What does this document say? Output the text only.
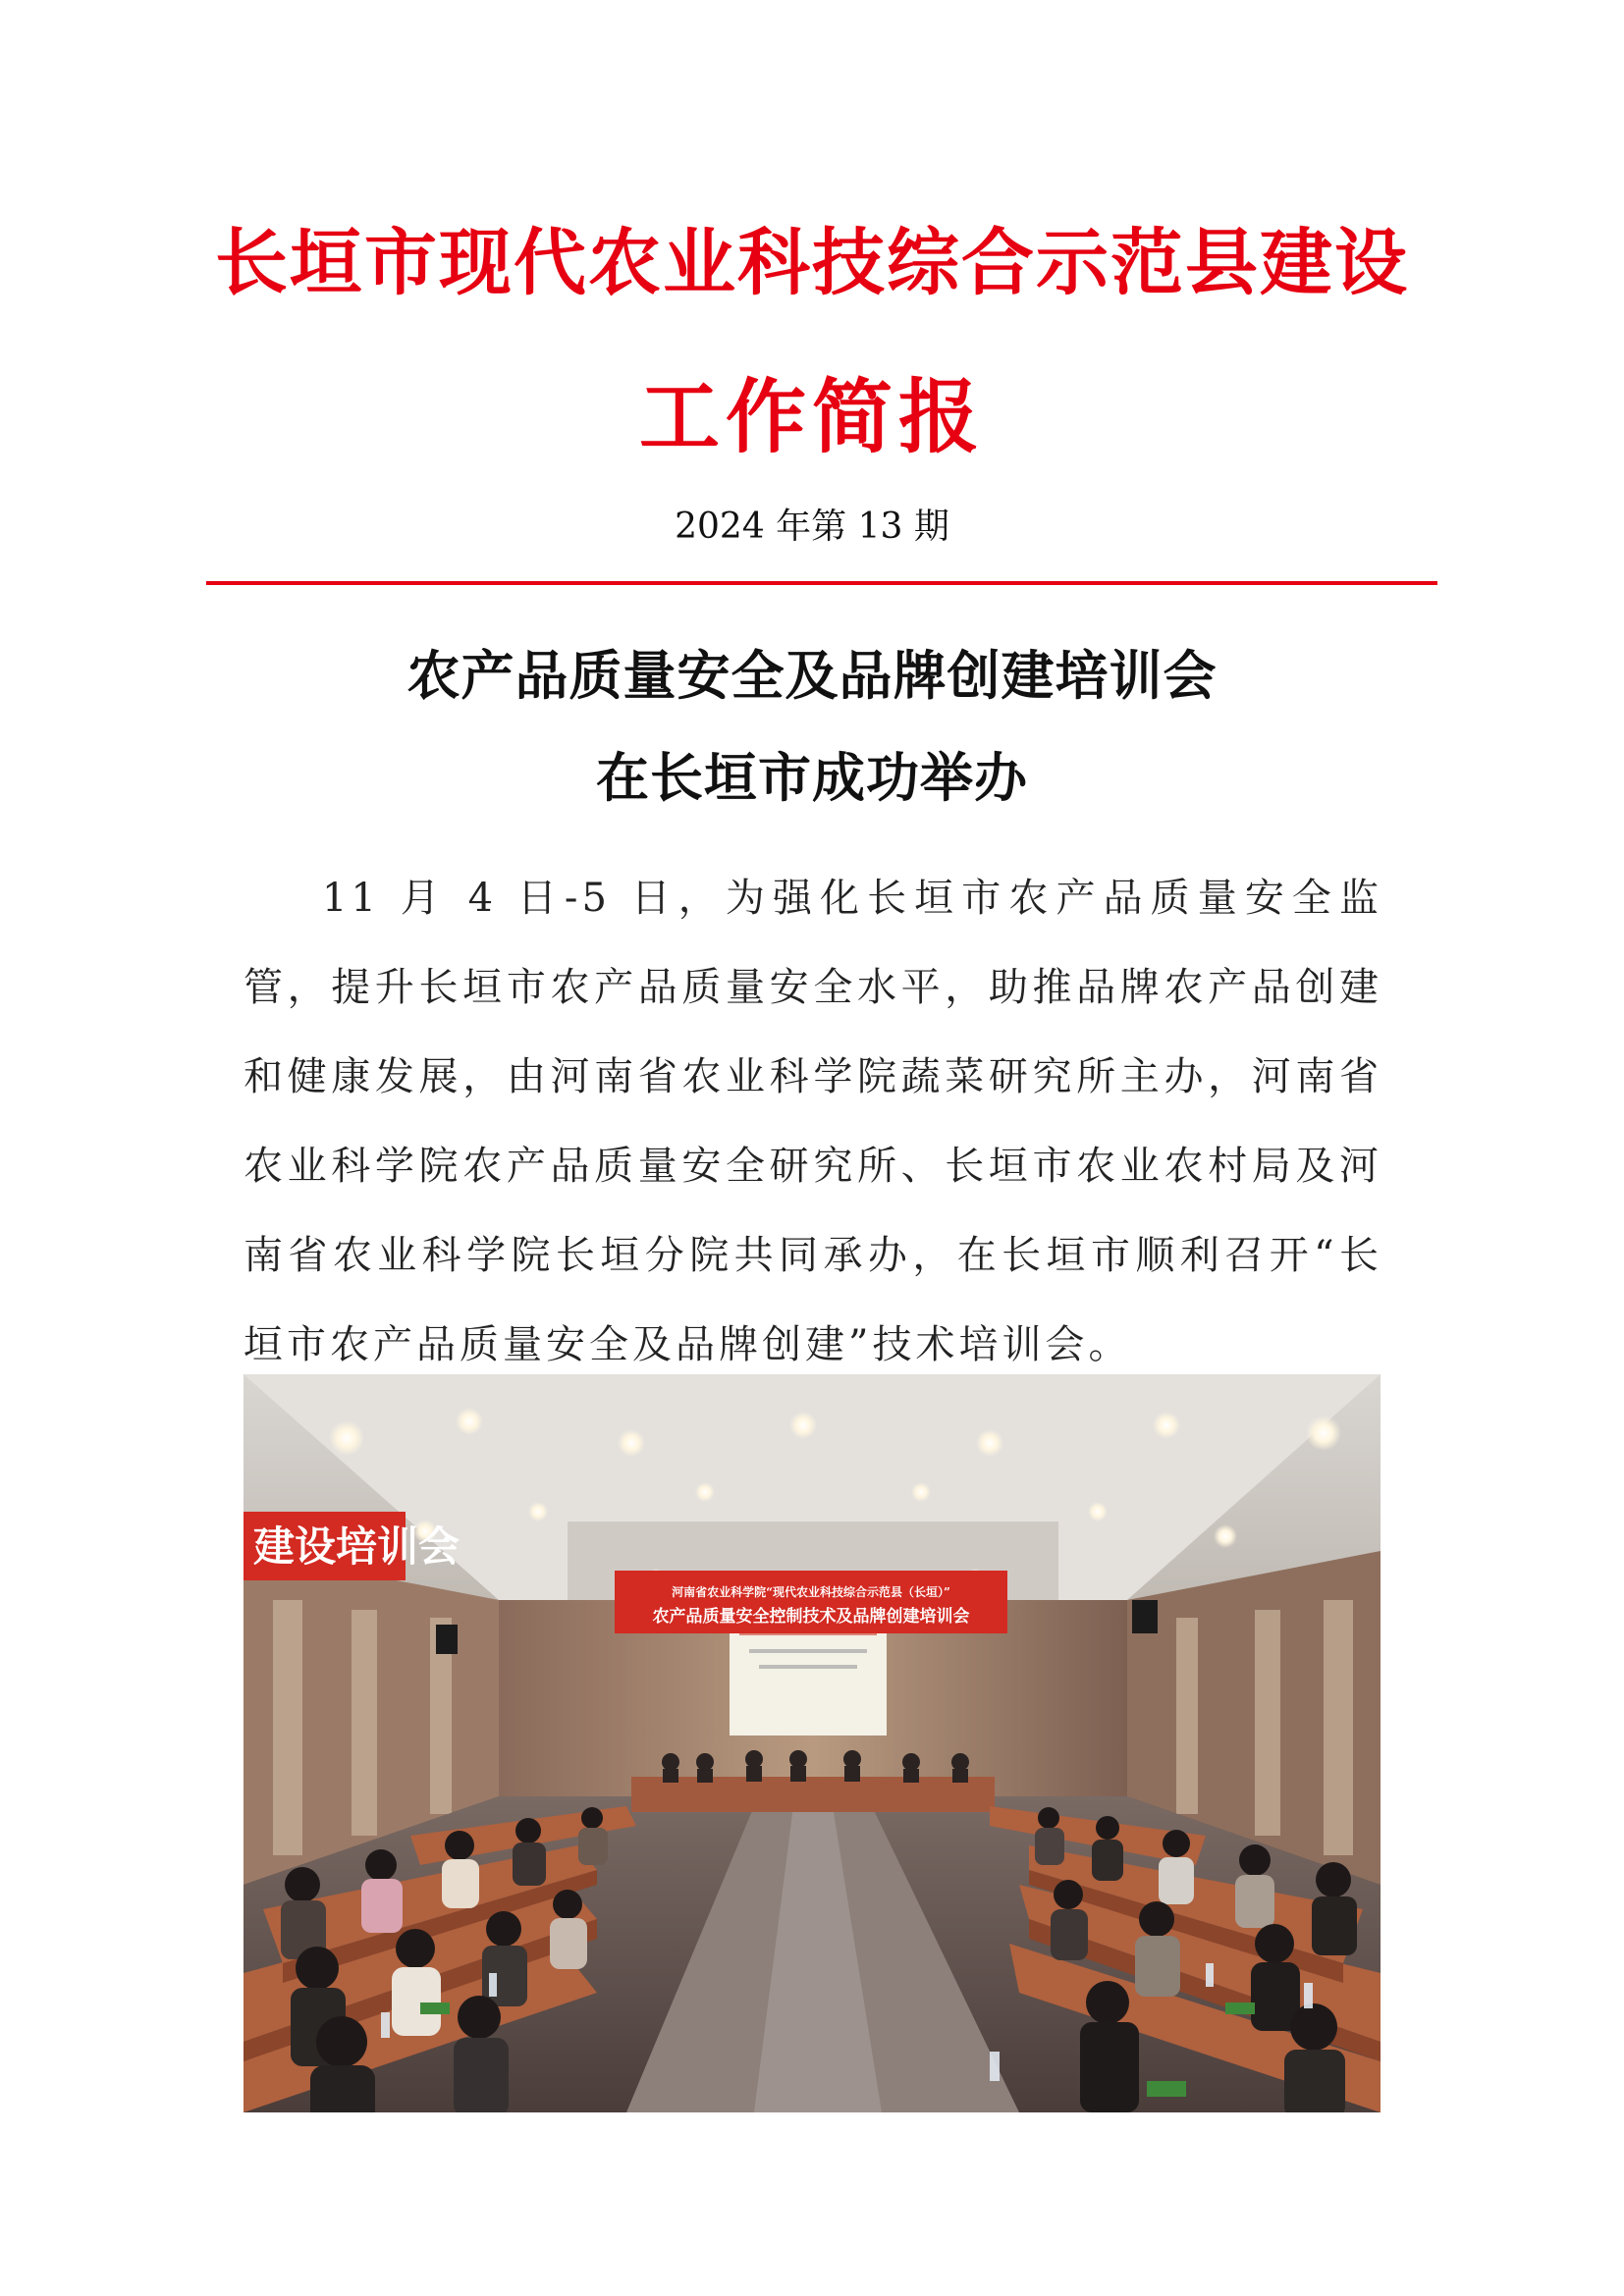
长垣市现代农业科技综合示范县建设
工作简报
2024 年第 13 期
农产品质量安全及品牌创建培训会
在长垣市成功举办
11 月 4 日-5 日，为强化长垣市农产品质量安全监管，提升长垣市农产品质量安全水平，助推品牌农产品创建和健康发展，由河南省农业科学院蔬菜研究所主办，河南省农业科学院农产品质量安全研究所、长垣市农业农村局及河南省农业科学院长垣分院共同承办，在长垣市顺利召开“长垣市农产品质量安全及品牌创建”技术培训会。
河南省农业科学院“现代农业科技综合示范县（长垣）”
农产品质量安全控制技术及品牌创建培训会
建设培训会
